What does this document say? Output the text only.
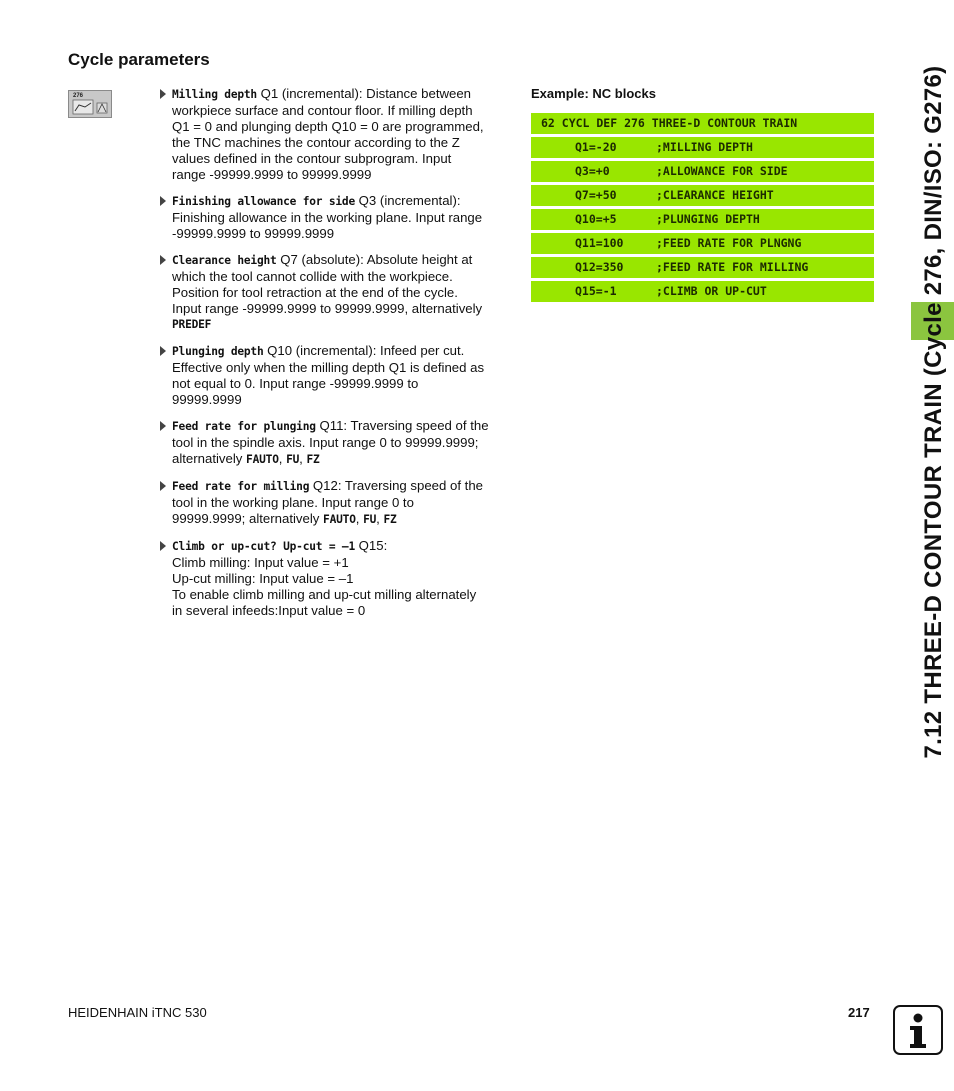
Cycle parameters
276	Milling depth Q1 (incremental): Distance between
workpiece surface and contour floor. If milling depth
Q1 = 0 and plunging depth Q10 = 0 are programmed,
the TNC machines the contour according to the Z
values defined in the contour subprogram. Input
range -99999.9999 to 99999.9999
Finishing allowance for side Q3 (incremental):
Finishing allowance in the working plane. Input range
-99999.9999 to 99999.9999
Clearance height Q7 (absolute): Absolute height at
which the tool cannot collide with the workpiece.
Position for tool retraction at the end of the cycle.
Input range -99999.9999 to 99999.9999, alternatively
PREDEF
Plunging depth Q10 (incremental): Infeed per cut.
Effective only when the milling depth Q1 is defined as
not equal to 0. Input range -99999.9999 to
99999.9999
Feed rate for plunging Q11: Traversing speed of the
tool in the spindle axis. Input range 0 to 99999.9999;
alternatively FAUTO, FU, FZ
Feed rate for milling Q12: Traversing speed of the
tool in the working plane. Input range 0 to
99999.9999; alternatively FAUTO, FU, FZ
Climb or up-cut? Up-cut = –1 Q15:
Climb milling: Input value = +1
Up-cut milling: Input value = –1
To enable climb milling and up-cut milling alternately
in several infeeds:Input value = 0
Example: NC blocks
62 CYCL DEF 276 THREE-D CONTOUR TRAIN
Q1=-20	;MILLING DEPTH
Q3=+0	;ALLOWANCE FOR SIDE
Q7=+50	;CLEARANCE HEIGHT
Q10=+5	;PLUNGING DEPTH
Q11=100	;FEED RATE FOR PLNGNG
Q12=350	;FEED RATE FOR MILLING
Q15=-1	;CLIMB OR UP-CUT	7.12 THREE-D CONTOUR TRAIN (Cycle 276, DIN/ISO: G276)
HEIDENHAIN iTNC 530	217
